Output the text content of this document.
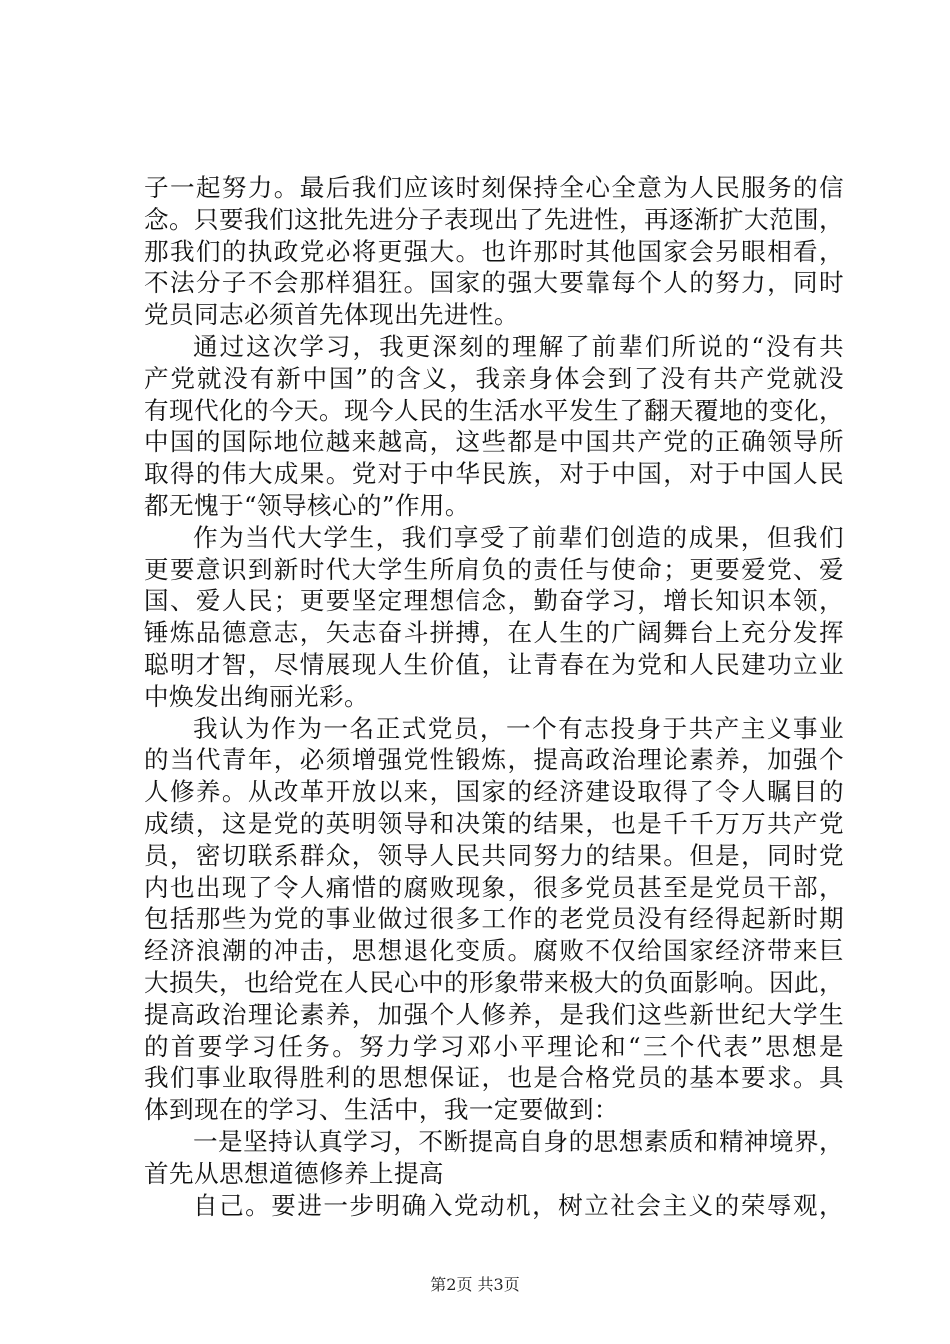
子一起努力。最后我们应该时刻保持全心全意为人民服务的信
念。只要我们这批先进分子表现出了先进性，再逐渐扩大范围，
那我们的执政党必将更强大。也许那时其他国家会另眼相看，
不法分子不会那样猖狂。国家的强大要靠每个人的努力，同时
党员同志必须首先体现出先进性。
通过这次学习，我更深刻的理解了前辈们所说的“没有共
产党就没有新中国”的含义，我亲身体会到了没有共产党就没
有现代化的今天。现今人民的生活水平发生了翻天覆地的变化，
中国的国际地位越来越高，这些都是中国共产党的正确领导所
取得的伟大成果。党对于中华民族，对于中国，对于中国人民
都无愧于“领导核心的”作用。
作为当代大学生，我们享受了前辈们创造的成果，但我们
更要意识到新时代大学生所肩负的责任与使命；更要爱党、爱
国、爱人民；更要坚定理想信念，勤奋学习，增长知识本领，
锤炼品德意志，矢志奋斗拼搏，在人生的广阔舞台上充分发挥
聪明才智，尽情展现人生价值，让青春在为党和人民建功立业
中焕发出绚丽光彩。
我认为作为一名正式党员，一个有志投身于共产主义事业
的当代青年，必须增强党性锻炼，提高政治理论素养，加强个
人修养。从改革开放以来，国家的经济建设取得了令人瞩目的
成绩，这是党的英明领导和决策的结果，也是千千万万共产党
员，密切联系群众，领导人民共同努力的结果。但是，同时党
内也出现了令人痛惜的腐败现象，很多党员甚至是党员干部，
包括那些为党的事业做过很多工作的老党员没有经得起新时期
经济浪潮的冲击，思想退化变质。腐败不仅给国家经济带来巨
大损失，也给党在人民心中的形象带来极大的负面影响。因此，
提高政治理论素养，加强个人修养，是我们这些新世纪大学生
的首要学习任务。努力学习邓小平理论和“三个代表”思想是
我们事业取得胜利的思想保证，也是合格党员的基本要求。具
体到现在的学习、生活中，我一定要做到：
一是坚持认真学习，不断提高自身的思想素质和精神境界，
首先从思想道德修养上提高
自己。要进一步明确入党动机，树立社会主义的荣辱观，
第2页 共3页
